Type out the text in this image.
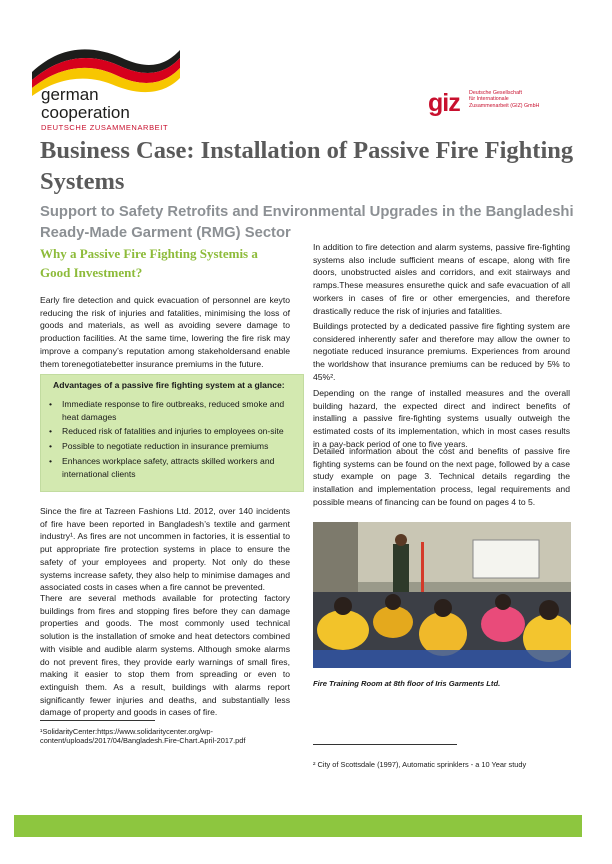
german
cooperation
DEUTSCHE ZUSAMMENARBEIT
giz Deutsche Gesellschaft
für Internationale
Zusammenarbeit (GIZ) GmbH
Business Case: Installation of Passive Fire Fighting Systems
Support to Safety Retrofits and Environmental Upgrades in the Bangladeshi Ready-Made Garment (RMG) Sector
Why a Passive Fire Fighting Systemis a
Good Investment?
Early fire detection and quick evacuation of personnel are keyto reducing the risk of injuries and fatalities, minimising the loss of goods and materials, as well as avoiding severe damage to production facilities. At the same time, lowering the fire risk may improve a company’s reputation among stakeholdersand enable them torenegotiatebetter insurance premiums in the future.
Advantages of a passive fire fighting system at a glance:
• Immediate response to fire outbreaks, reduced smoke and heat damages
• Reduced risk of fatalities and injuries to employees on-site
• Possible to negotiate reduction in insurance premiums
• Enhances workplace safety, attracts skilled workers and international clients
Since the fire at Tazreen Fashions Ltd. 2012, over 140 incidents of fire have been reported in Bangladesh’s textile and garment industry¹. As fires are not uncommen in factories, it is essential to put appropriate fire protection systems in place to ensure the safety of your employees and property. Not only do these systems increase safety, they also help to minimise damages and associated costs in cases when a fire cannot be prevented.
There are several methods available for protecting factory buildings from fires and stopping fires before they can damage properties and goods. The most commonly used technical solution is the installation of smoke and heat detectors combined with visible and audible alarm systems. Although smoke alarms do not prevent fires, they provide early warnings of small fires, making it easier to stop them from spreading or even to extinguish them. As a result, buildings with alarms report significantly fewer injuries and deaths, and substantially less damage of property and goods in cases of fire.
¹SolidarityCenter:https://www.solidaritycenter.org/wp-content/uploads/2017/04/Bangladesh.Fire-Chart.April-2017.pdf
In addition to fire detection and alarm systems, passive fire-fighting systems also include sufficient means of escape, along with fire doors, unobstructed aisles and corridors, and exit stairways and ramps.These measures ensurethe quick and safe evacuation of all workers in cases of fire or other emergencies, and therefore drastically reduce the risk of injuries and fatalities.
Buildings protected by a dedicated passive fire fighting system are considered inherently safer and therefore may allow the owner to negotiate reduced insurance premiums. Experiences from around the worldshow that insurance premiums can be reduced by 5% to 45%².
Depending on the range of installed measures and the overall building hazard, the expected direct and indirect benefits of installing a passive fire-fighting systems usually outweigh the estimated costs of its implementation, which in most cases results in a pay-back period of one to five years.
Detailed information about the cost and benefits of passive fire fighting systems can be found on the next page, followed by a case study example on page 3. Technical details regarding the installation and implementation process, legal requirements and possible means of financing can be found on pages 4 to 5.
Fire Training Room at 8th floor of Iris Garments Ltd.
² City of Scottsdale (1997), Automatic sprinklers - a 10 Year study
